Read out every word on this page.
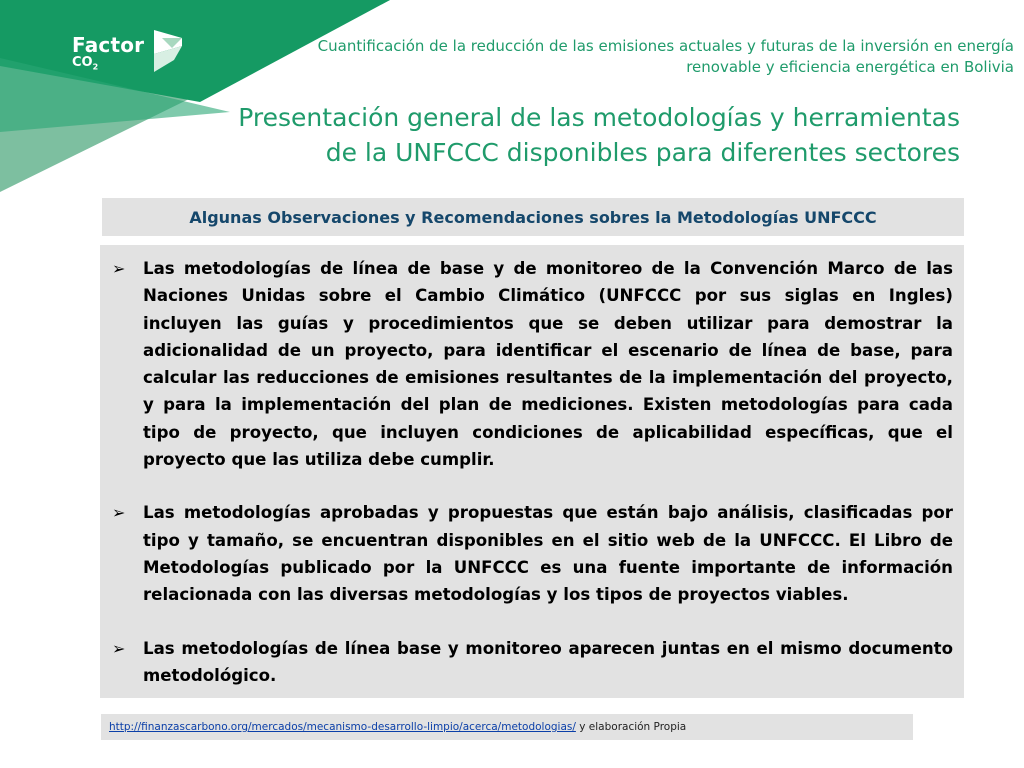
Factor
$CO_2$
Cuantificación de la reducción de las emisiones actuales y futuras de la inversión en energía renovable y eficiencia energética en Bolivia
Presentación general de las metodologías y herramientas
de la UNFCCC disponibles para diferentes sectores
Algunas Observaciones y Recomendaciones sobres la Metodologías UNFCCC
➢	Las metodologías de línea de base y de monitoreo de la Convención Marco de las Naciones Unidas sobre el Cambio Climático (UNFCCC por sus siglas en Ingles) incluyen las guías y procedimientos que se deben utilizar para demostrar la adicionalidad de un proyecto, para identificar el escenario de línea de base, para calcular las reducciones de emisiones resultantes de la implementación del proyecto, y para la implementación del plan de mediciones. Existen metodologías para cada tipo de proyecto, que incluyen condiciones de aplicabilidad específicas, que el proyecto que las utiliza debe cumplir.
➢	Las metodologías aprobadas y propuestas que están bajo análisis, clasificadas por tipo y tamaño, se encuentran disponibles en el sitio web de la UNFCCC. El Libro de Metodologías publicado por la UNFCCC es una fuente importante de información relacionada con las diversas metodologías y los tipos de proyectos viables.
➢	Las metodologías de línea base y monitoreo aparecen juntas en el mismo documento metodológico.
http://finanzascarbono.org/mercados/mecanismo-desarrollo-limpio/acerca/metodologias/ y elaboración Propia
